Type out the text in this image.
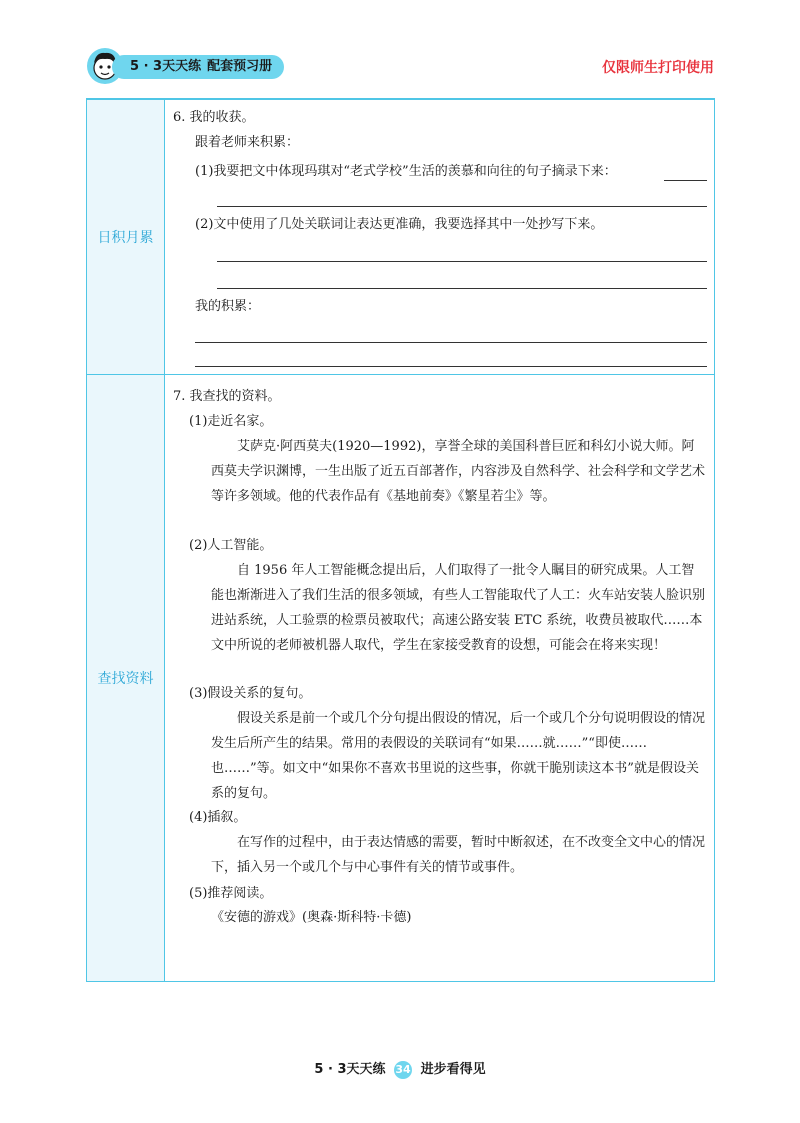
5 · 3天天练 配套预习册	仅限师生打印使用
日积月累
6. 我的收获。
跟着老师来积累：
(1)我要把文中体现玛琪对“老式学校”生活的羡慕和向往的句子摘录下来：
(2)文中使用了几处关联词让表达更准确，我要选择其中一处抄写下来。
我的积累：
查找资料
7. 我查找的资料。
(1)走近名家。
艾萨克·阿西莫夫(1920—1992)，享誉全球的美国科普巨匠和科幻小说大师。阿西莫夫学识渊博，一生出版了近五百部著作，内容涉及自然科学、社会科学和文学艺术等许多领域。他的代表作品有《基地前奏》《繁星若尘》等。
(2)人工智能。
自 1956 年人工智能概念提出后，人们取得了一批令人瞩目的研究成果。人工智能也渐渐进入了我们生活的很多领域，有些人工智能取代了人工：火车站安装人脸识别进站系统，人工验票的检票员被取代；高速公路安装 ETC 系统，收费员被取代……本文中所说的老师被机器人取代，学生在家接受教育的设想，可能会在将来实现！
(3)假设关系的复句。
假设关系是前一个或几个分句提出假设的情况，后一个或几个分句说明假设的情况发生后所产生的结果。常用的表假设的关联词有“如果……就……”“即使……也……”等。如文中“如果你不喜欢书里说的这些事，你就干脆别读这本书”就是假设关系的复句。
(4)插叙。
在写作的过程中，由于表达情感的需要，暂时中断叙述，在不改变全文中心的情况下，插入另一个或几个与中心事件有关的情节或事件。
(5)推荐阅读。
《安德的游戏》(奥森·斯科特·卡德)
5 · 3天天练 34 进步看得见
